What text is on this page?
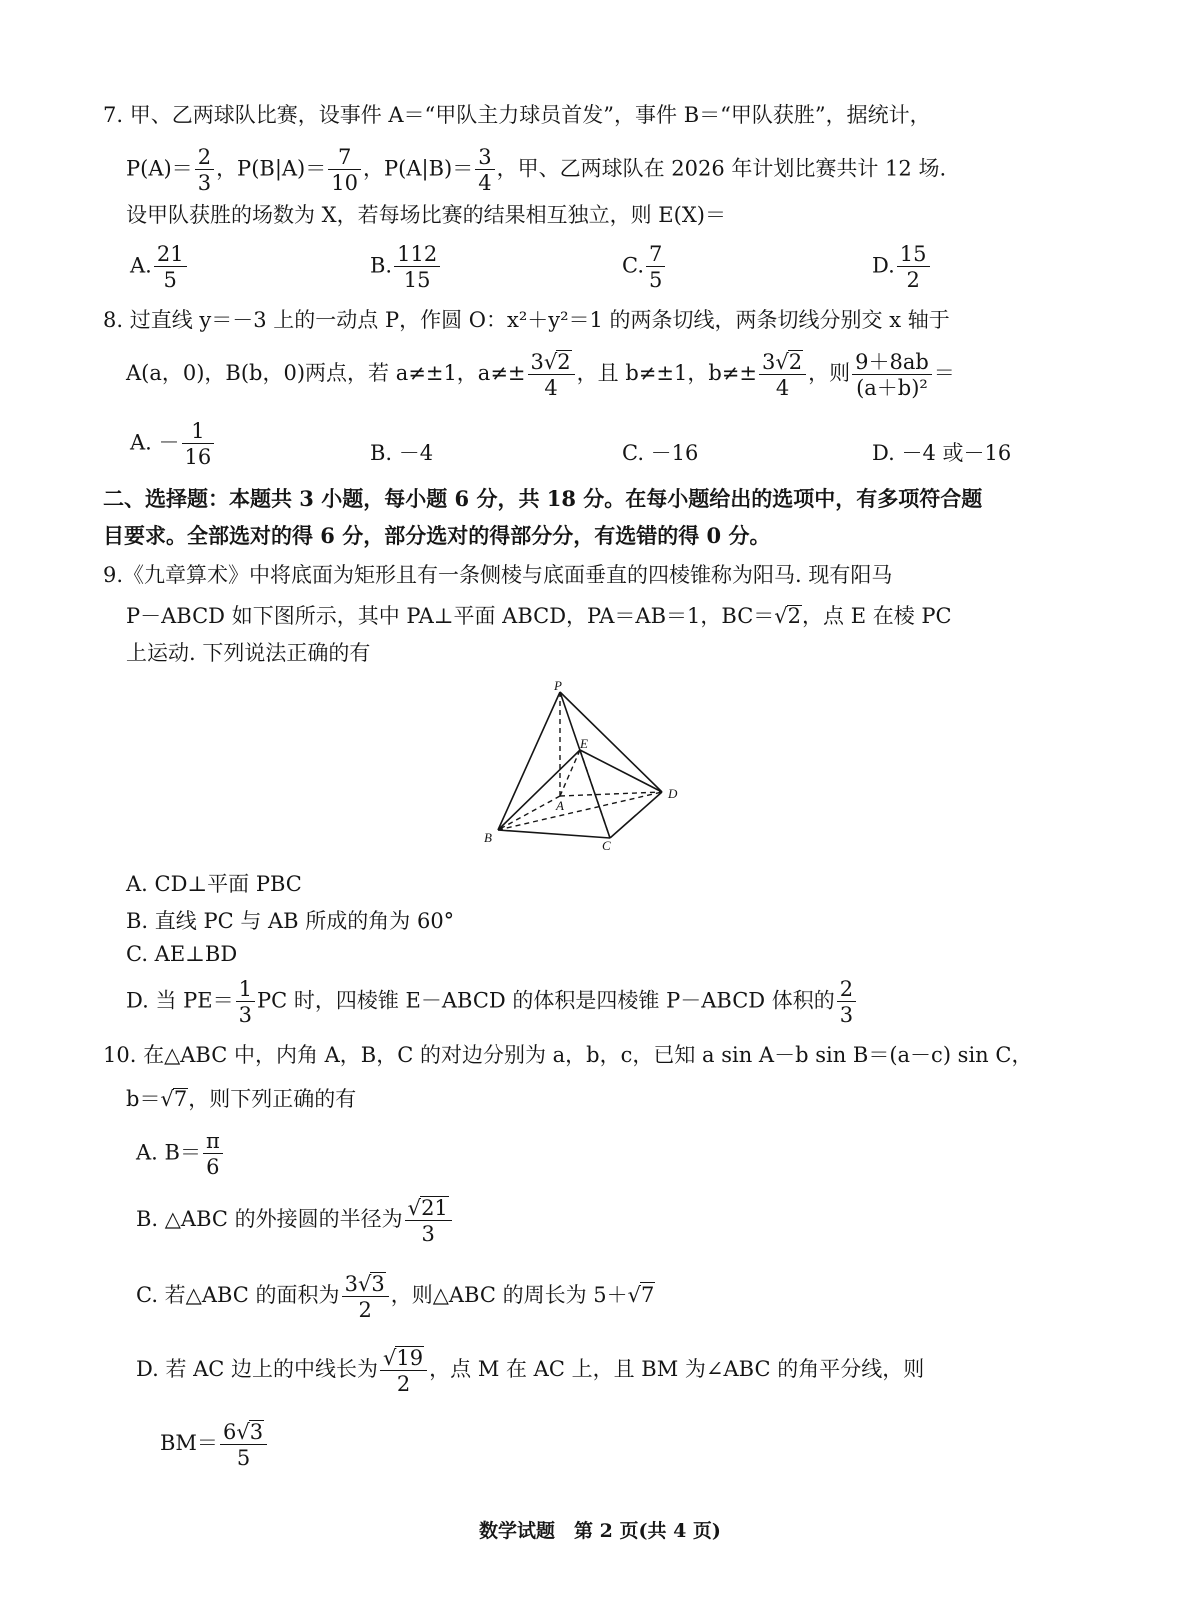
7. 甲、乙两球队比赛，设事件 A＝“甲队主力球员首发”，事件 B＝“甲队获胜”，据统计，
$P(A)= \frac{2}{3}$ ，$P(B|A)= \frac{7}{10}$ ，$P(A|B)= \frac{3}{4}$ ，甲、乙两球队在 2026 年计划比赛共计 12 场.
设甲队获胜的场数为 X，若每场比赛的结果相互独立，则 E(X)＝
A. $\frac{21}{5}$	B. $\frac{112}{15}$	C. $\frac{7}{5}$	D. $\frac{15}{2}$
8. 过直线 y＝－3 上的一动点 P，作圆 O：x²＋y²＝1 的两条切线，两条切线分别交 x 轴于
A(a，0)，B(b，0)两点，若 a≠±1，$a\ne\pm \frac{3√2}{4}$ ，且 b≠±1，$b\ne\pm \frac{3√2}{4}$ ，则 $\frac{9+8ab}{\text{(a＋b)²}}$ ＝
A. － $\frac{1}{16}$	B. －4	C. －16	D. －4 或－16
二、选择题：本题共 3 小题，每小题 6 分，共 18 分。在每小题给出的选项中，有多项符合题
目要求。全部选对的得 6 分，部分选对的得部分分，有选错的得 0 分。
9.《九章算术》中将底面为矩形且有一条侧棱与底面垂直的四棱锥称为阳马. 现有阳马
P－ABCD 如下图所示，其中 PA⊥平面 ABCD，PA＝AB＝1，BC＝√2，点 E 在棱 PC
上运动. 下列说法正确的有
P
E
A
D
B
C
A. CD⊥平面 PBC
B. 直线 PC 与 AB 所成的角为 60°
C. AE⊥BD
D. 当 $PE= \frac{1}{3}$ PC 时，四棱锥 E－ABCD 的体积是四棱锥 P－ABCD 体积的 $\frac{2}{3}$
10. 在△ABC 中，内角 A，B，C 的对边分别为 a，b，c，已知 a sin A－b sin B＝(a－c) sin C，
b＝√7，则下列正确的有
A. $B= \frac{\pi}{6}$
B. △ABC 的外接圆的半径为 $\frac{√21}{3}$
C. 若△ABC 的面积为 $\frac{3√3}{2}$ ，则△ABC 的周长为 5＋√7
D. 若 AC 边上的中线长为 $\frac{√19}{2}$ ，点 M 在 AC 上，且 BM 为∠ABC 的角平分线，则
$BM= \frac{6√3}{5}$
数学试题　第 2 页(共 4 页)
